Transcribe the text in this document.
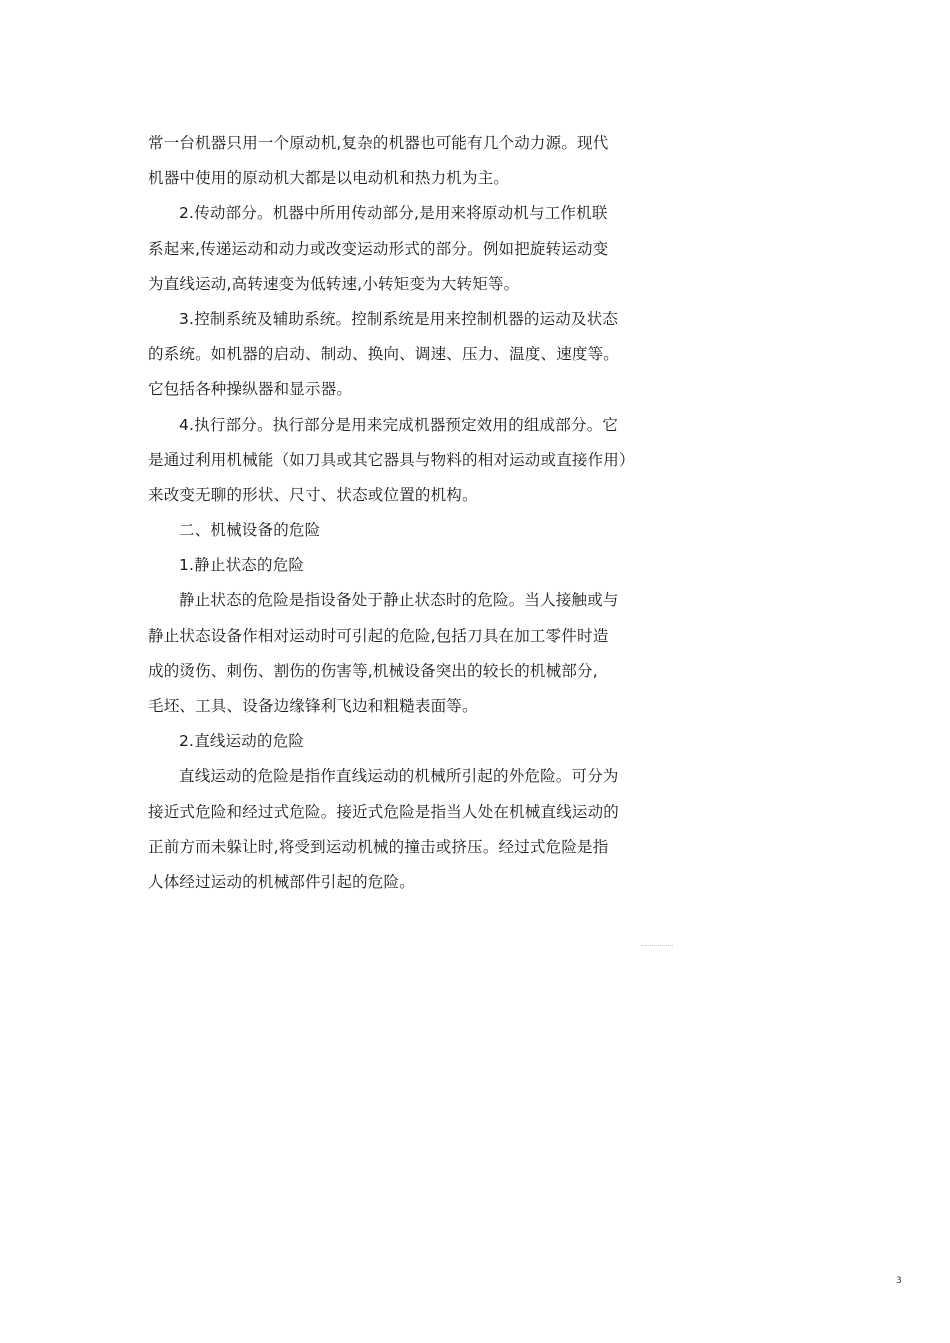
常一台机器只用一个原动机,复杂的机器也可能有几个动力源。现代
机器中使用的原动机大都是以电动机和热力机为主。
2.传动部分。机器中所用传动部分,是用来将原动机与工作机联
系起来,传递运动和动力或改变运动形式的部分。例如把旋转运动变
为直线运动,高转速变为低转速,小转矩变为大转矩等。
3.控制系统及辅助系统。控制系统是用来控制机器的运动及状态
的系统。如机器的启动、制动、换向、调速、压力、温度、速度等。
它包括各种操纵器和显示器。
4.执行部分。执行部分是用来完成机器预定效用的组成部分。它
是通过利用机械能（如刀具或其它器具与物料的相对运动或直接作用）
来改变无聊的形状、尺寸、状态或位置的机构。
二、机械设备的危险
1.静止状态的危险
静止状态的危险是指设备处于静止状态时的危险。当人接触或与
静止状态设备作相对运动时可引起的危险,包括刀具在加工零件时造
成的烫伤、刺伤、割伤的伤害等,机械设备突出的较长的机械部分,
毛坯、工具、设备边缘锋利飞边和粗糙表面等。
2.直线运动的危险
直线运动的危险是指作直线运动的机械所引起的外危险。可分为
接近式危险和经过式危险。接近式危险是指当人处在机械直线运动的
正前方而未躲让时,将受到运动机械的撞击或挤压。经过式危险是指
人体经过运动的机械部件引起的危险。
3
